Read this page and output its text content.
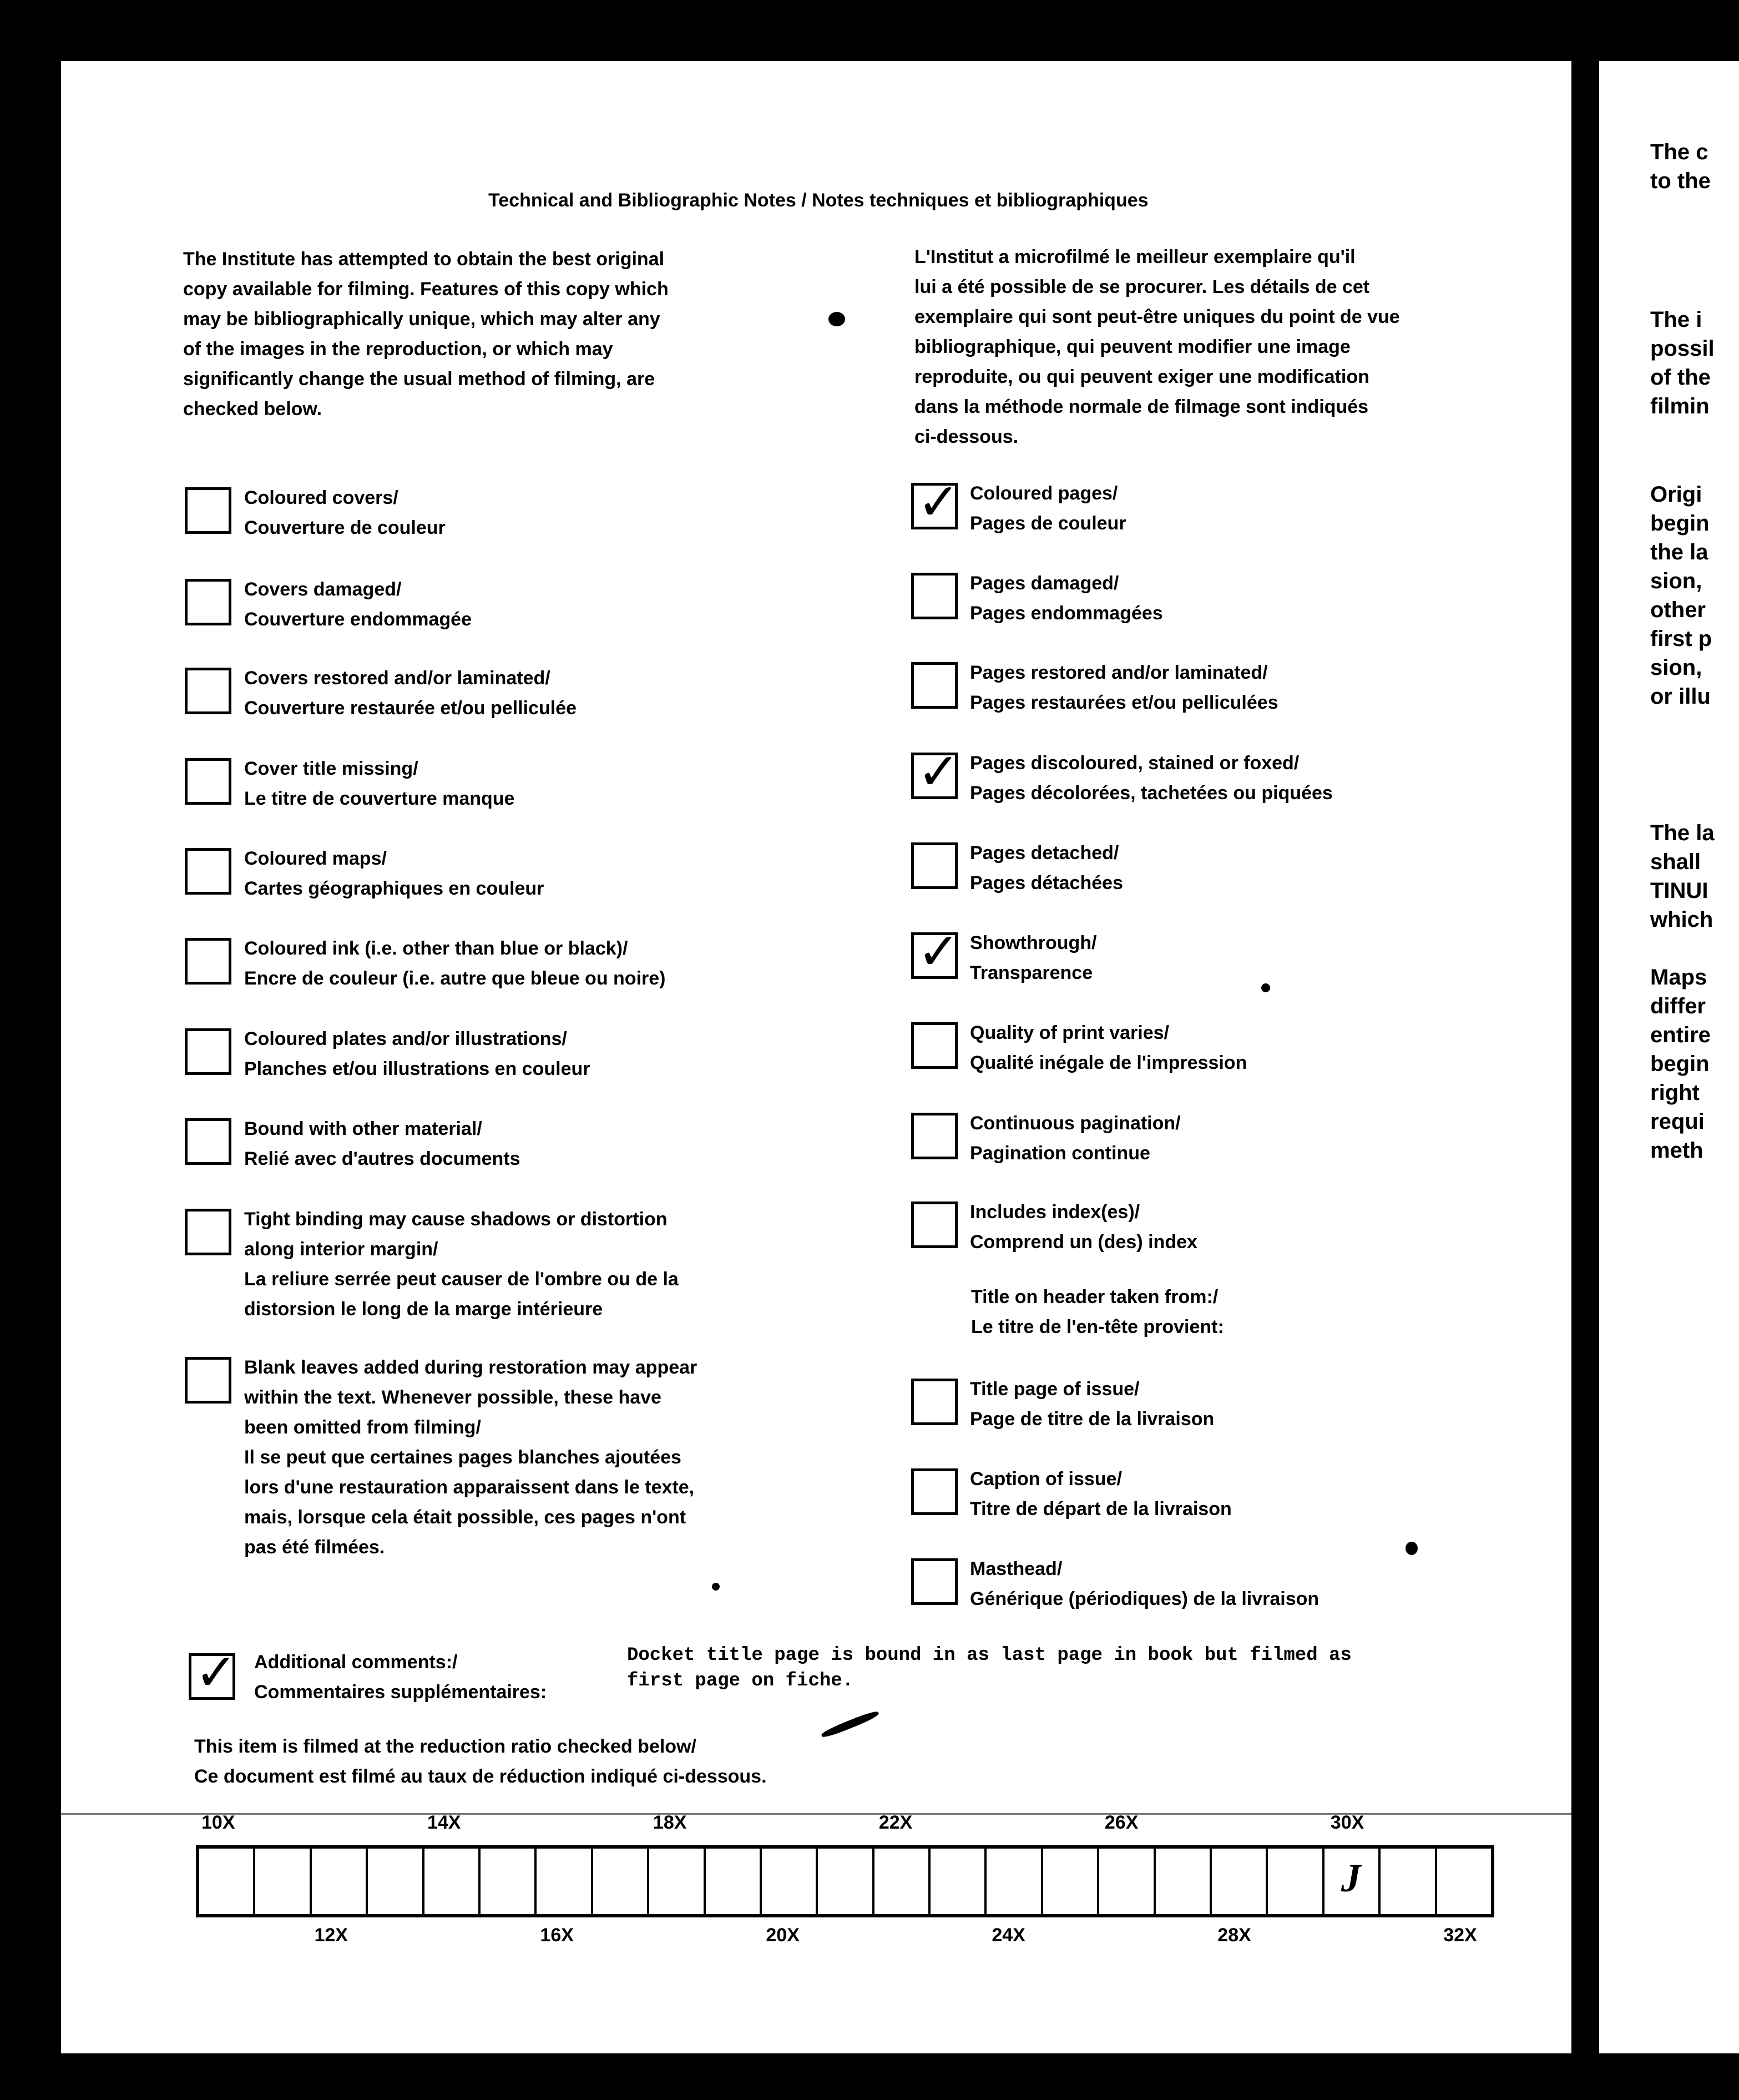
Technical and Bibliographic Notes / Notes techniques et bibliographiques
The Institute has attempted to obtain the best original
copy available for filming. Features of this copy which
may be bibliographically unique, which may alter any
of the images in the reproduction, or which may
significantly change the usual method of filming, are
checked below.
L'Institut a microfilmé le meilleur exemplaire qu'il
lui a été possible de se procurer. Les détails de cet
exemplaire qui sont peut-être uniques du point de vue
bibliographique, qui peuvent modifier une image
reproduite, ou qui peuvent exiger une modification
dans la méthode normale de filmage sont indiqués
ci-dessous.
Coloured covers/
Couverture de couleur
Covers damaged/
Couverture endommagée
Covers restored and/or laminated/
Couverture restaurée et/ou pelliculée
Cover title missing/
Le titre de couverture manque
Coloured maps/
Cartes géographiques en couleur
Coloured ink (i.e. other than blue or black)/
Encre de couleur (i.e. autre que bleue ou noire)
Coloured plates and/or illustrations/
Planches et/ou illustrations en couleur
Bound with other material/
Relié avec d'autres documents
Tight binding may cause shadows or distortion
along interior margin/
La reliure serrée peut causer de l'ombre ou de la
distorsion le long de la marge intérieure
Blank leaves added during restoration may appear
within the text. Whenever possible, these have
been omitted from filming/
Il se peut que certaines pages blanches ajoutées
lors d'une restauration apparaissent dans le texte,
mais, lorsque cela était possible, ces pages n'ont
pas été filmées.
✓ Coloured pages/
Pages de couleur
Pages damaged/
Pages endommagées
Pages restored and/or laminated/
Pages restaurées et/ou pelliculées
✓ Pages discoloured, stained or foxed/
Pages décolorées, tachetées ou piquées
Pages detached/
Pages détachées
✓ Showthrough/
Transparence
Quality of print varies/
Qualité inégale de l'impression
Continuous pagination/
Pagination continue
Includes index(es)/
Comprend un (des) index
Title page of issue/
Page de titre de la livraison
Caption of issue/
Titre de départ de la livraison
Masthead/
Générique (périodiques) de la livraison
Title on header taken from:/
Le titre de l'en-tête provient:
✓ Additional comments:/
Commentaires supplémentaires:
Docket title page is bound in as last page in book but filmed as
first page on fiche.
This item is filmed at the reduction ratio checked below/
Ce document est filmé au taux de réduction indiqué ci-dessous.
10X	14X	18X	22X	26X	30X
J
12X	16X	20X	24X	28X	32X
The c
to the
The i
possil
of the
filmin
Origi
begin
the la
sion,
other
first p
sion,
or illu
The la
shall
TINUI
which
Maps
differ
entire
begin
right
requi
meth
